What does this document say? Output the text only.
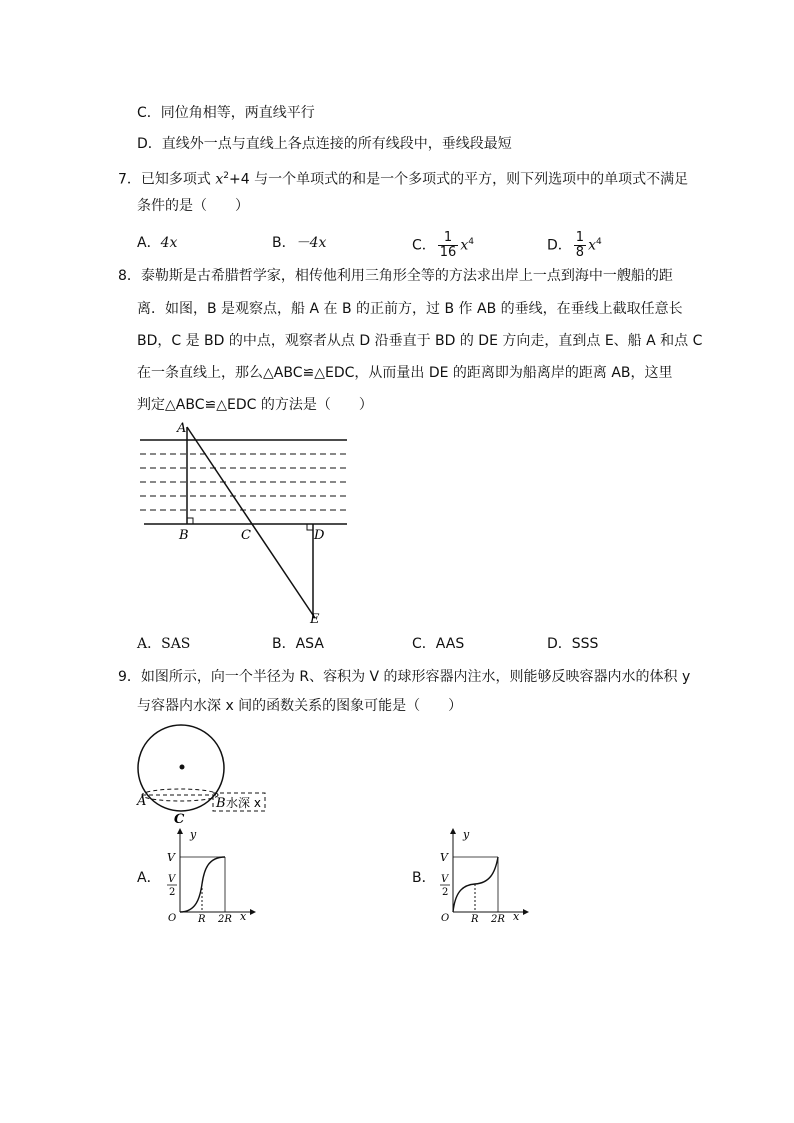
C．同位角相等，两直线平行
D．直线外一点与直线上各点连接的所有线段中，垂线段最短
7．已知多项式 $x^2+4$ 与一个单项式的和是一个多项式的平方，则下列选项中的单项式不满足
条件的是（　　）
A．4x	B．－4x	C． $\frac{1}{16} x^4$	D． $\frac{1}{8} x^4$
8．泰勒斯是古希腊哲学家，相传他利用三角形全等的方法求出岸上一点到海中一艘船的距
离．如图，B 是观察点，船 A 在 B 的正前方，过 B 作 AB 的垂线，在垂线上截取任意长
BD，C 是 BD 的中点，观察者从点 D 沿垂直于 BD 的 DE 方向走，直到点 E、船 A 和点 C
在一条直线上，那么△ABC≌△EDC，从而量出 DE 的距离即为船离岸的距离 AB，这里
判定△ABC≌△EDC 的方法是（　　）
A
B	C	D
E
A．SAS	B．ASA	C．AAS	D．SSS
9．如图所示，向一个半径为 R、容积为 V 的球形容器内注水，则能够反映容器内水的体积 y
与容器内水深 x 间的函数关系的图象可能是（　　）
A	B 水深 x
C
A．
y
V
V
2
O R 2R x
B．
y
V
V
2
O R 2R x
